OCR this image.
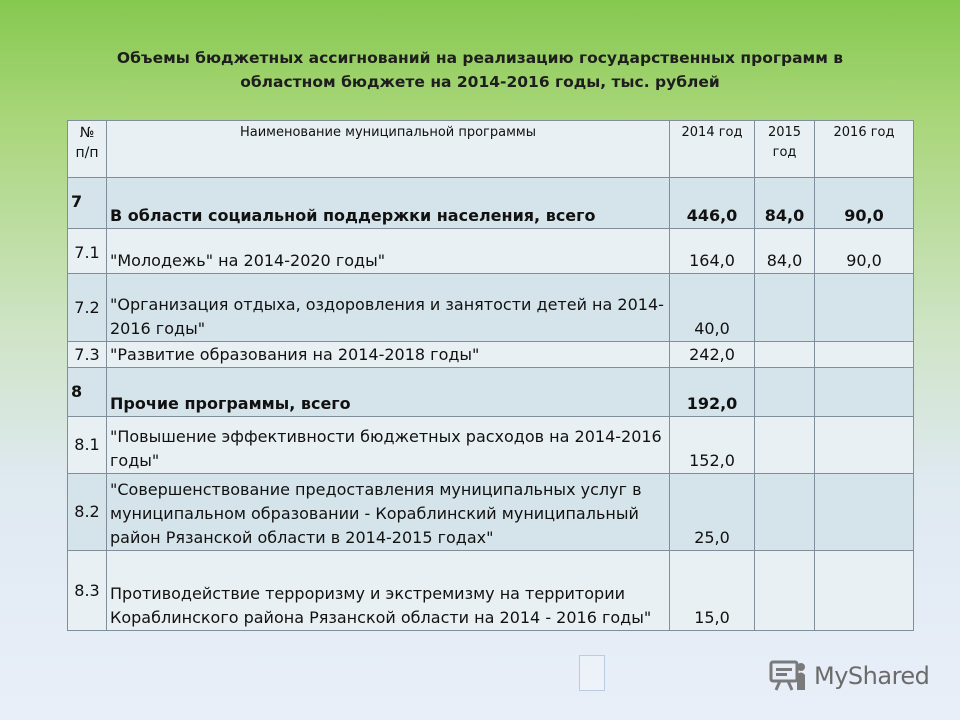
Объемы бюджетных ассигнований на реализацию государственных программ в областном бюджете на 2014-2016 годы, тыс. рублей
№ п/п	Наименование муниципальной программы	2014 год	2015 год	2016 год
7	В области социальной поддержки населения, всего	446,0	84,0	90,0
7.1	"Молодежь" на 2014-2020 годы"	164,0	84,0	90,0
7.2	"Организация отдыха, оздоровления и занятости детей на 2014-2016 годы"	40,0		
7.3	"Развитие образования на 2014-2018 годы"	242,0		
8	Прочие программы, всего	192,0		
8.1	"Повышение эффективности бюджетных расходов на 2014-2016 годы"	152,0		
8.2	"Совершенствование предоставления муниципальных услуг в муниципальном образовании - Кораблинский муниципальный район Рязанской области в 2014-2015 годах"	25,0		
8.3	Противодействие терроризму и экстремизму на территории Кораблинского района Рязанской области на 2014 - 2016 годы"	15,0		
MyShared
